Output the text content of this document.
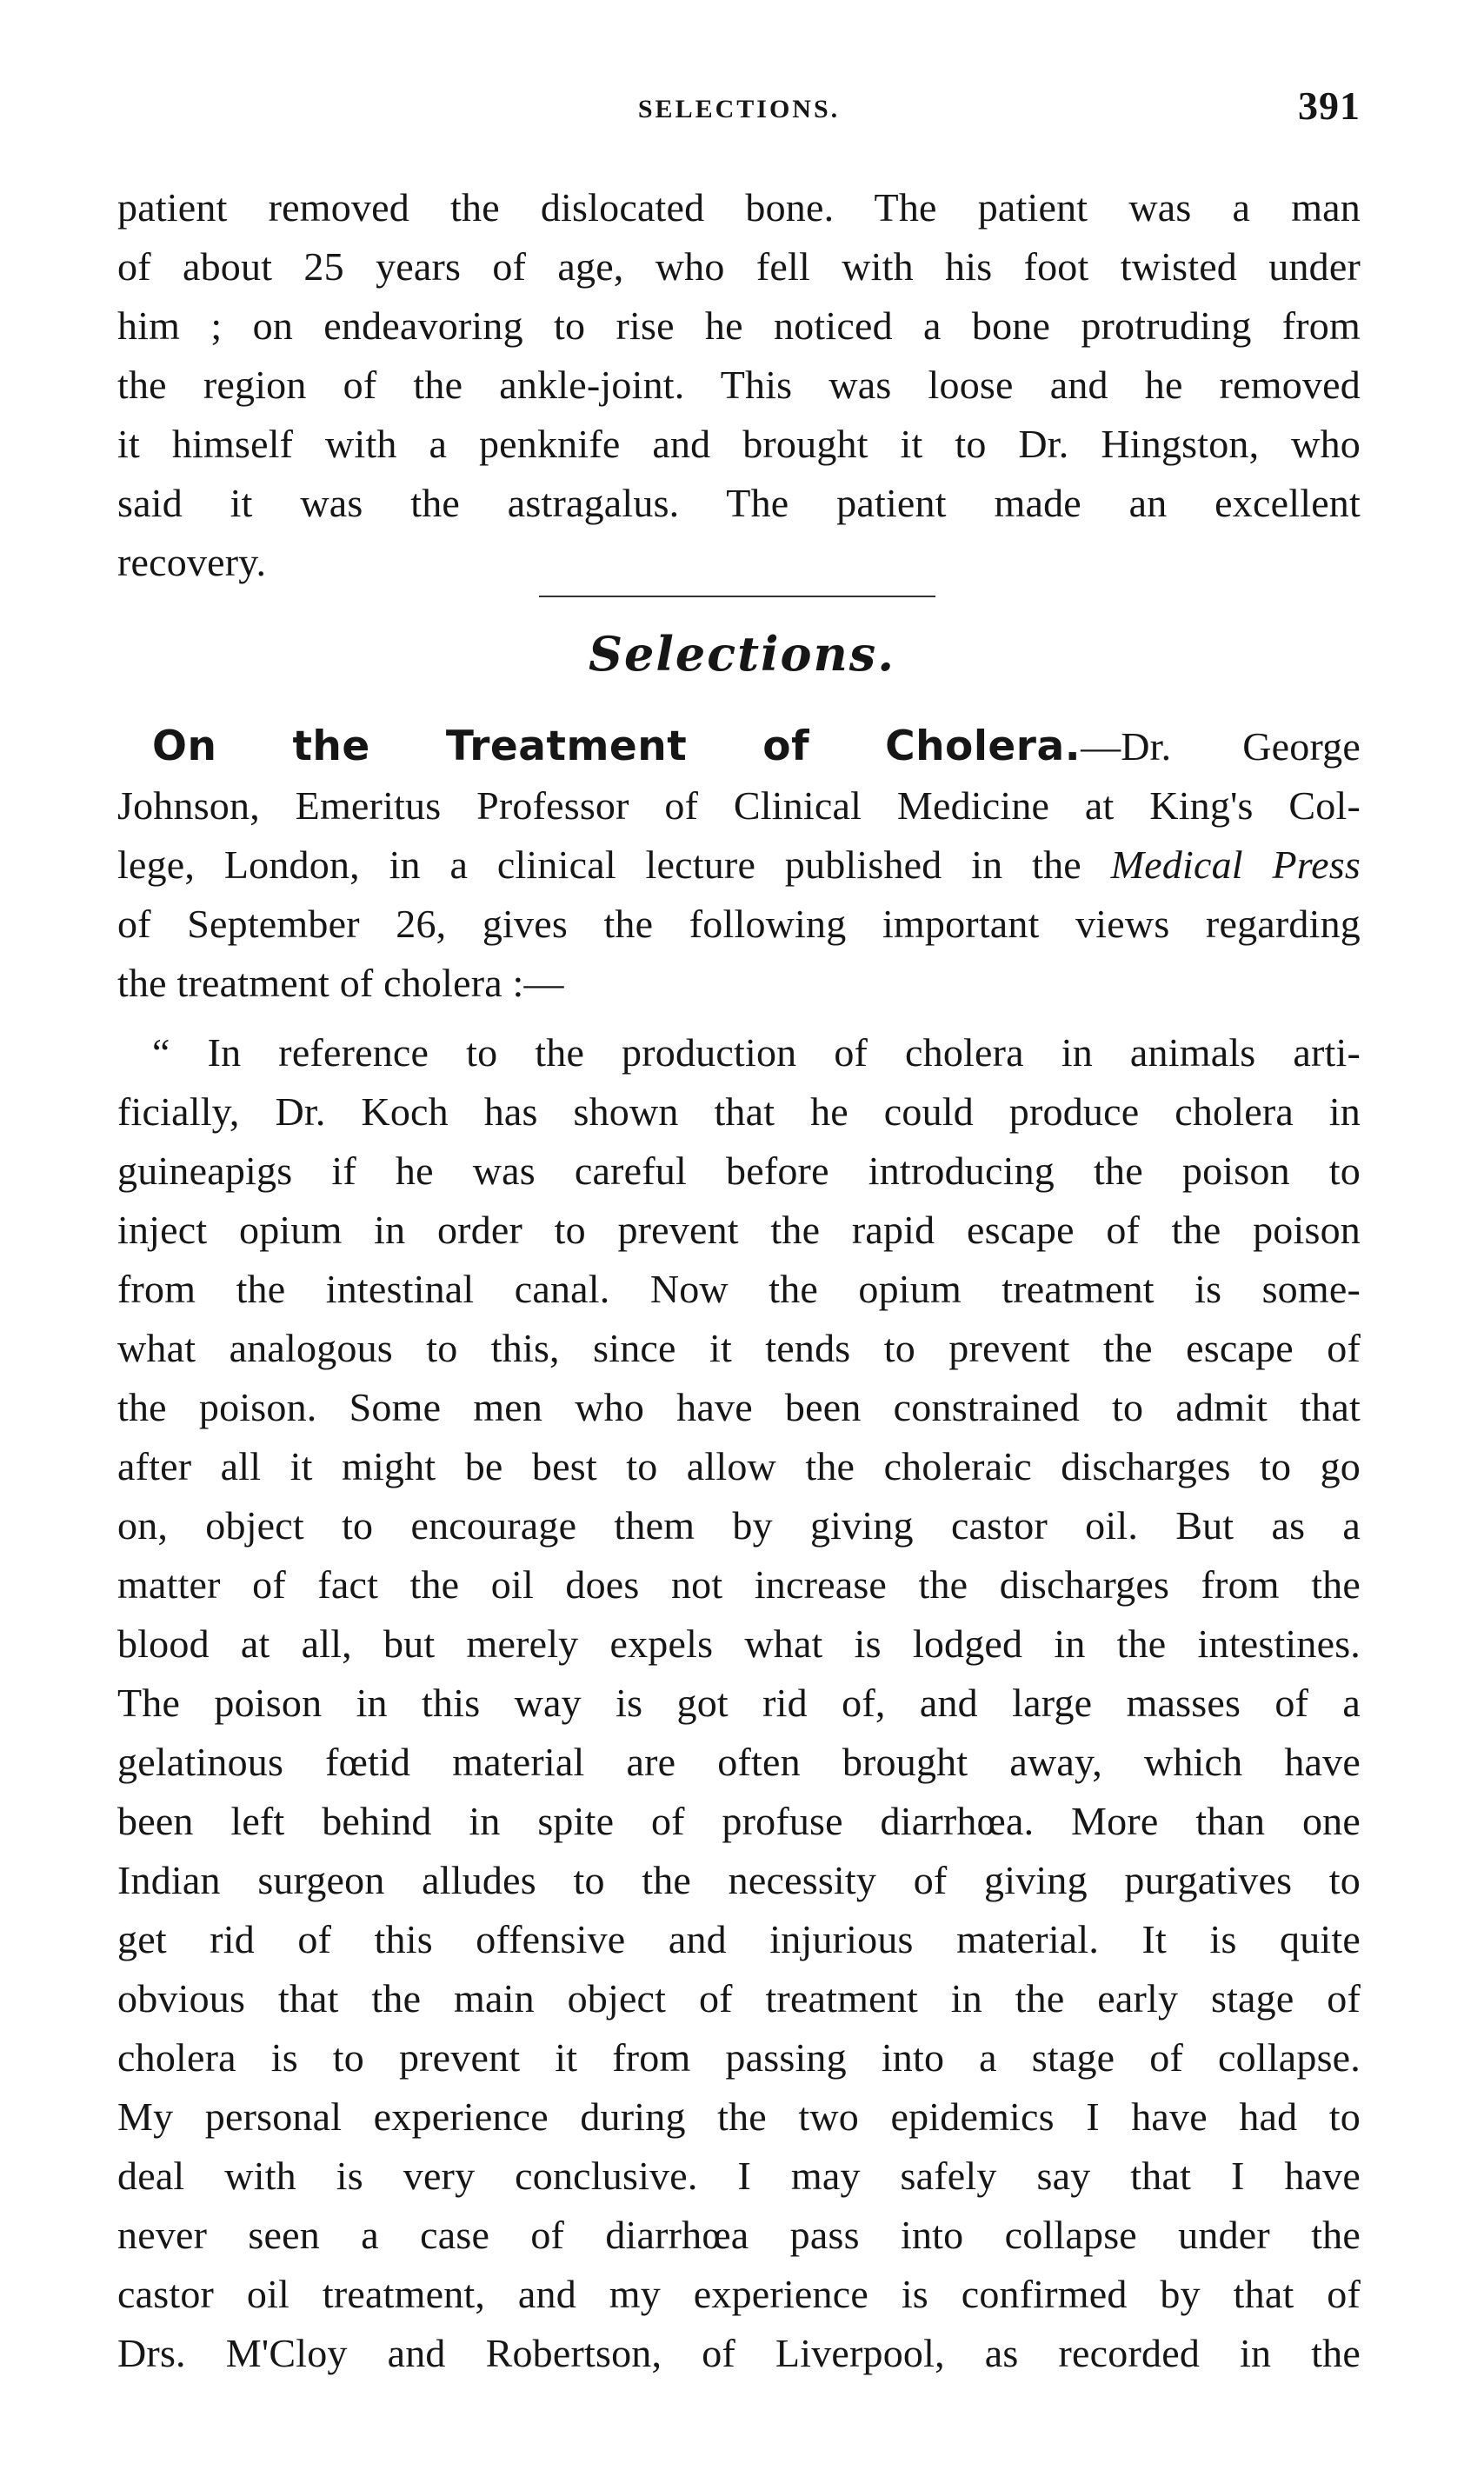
SELECTIONS.	391
patient removed the dislocated bone. The patient was a man
of about 25 years of age, who fell with his foot twisted under
him ; on endeavoring to rise he noticed a bone protruding from
the region of the ankle-joint. This was loose and he removed
it himself with a penknife and brought it to Dr. Hingston, who
said it was the astragalus. The patient made an excellent
recovery.
Selections.
On the Treatment of Cholera.—Dr. George
Johnson, Emeritus Professor of Clinical Medicine at King's Col-
lege, London, in a clinical lecture published in the Medical Press
of September 26, gives the following important views regarding
the treatment of cholera :—
“ In reference to the production of cholera in animals arti-
ficially, Dr. Koch has shown that he could produce cholera in
guineapigs if he was careful before introducing the poison to
inject opium in order to prevent the rapid escape of the poison
from the intestinal canal. Now the opium treatment is some-
what analogous to this, since it tends to prevent the escape of
the poison. Some men who have been constrained to admit that
after all it might be best to allow the choleraic discharges to go
on, object to encourage them by giving castor oil. But as a
matter of fact the oil does not increase the discharges from the
blood at all, but merely expels what is lodged in the intestines.
The poison in this way is got rid of, and large masses of a
gelatinous fœtid material are often brought away, which have
been left behind in spite of profuse diarrhœa. More than one
Indian surgeon alludes to the necessity of giving purgatives to
get rid of this offensive and injurious material. It is quite
obvious that the main object of treatment in the early stage of
cholera is to prevent it from passing into a stage of collapse.
My personal experience during the two epidemics I have had to
deal with is very conclusive. I may safely say that I have
never seen a case of diarrhœa pass into collapse under the
castor oil treatment, and my experience is confirmed by that of
Drs. M'Cloy and Robertson, of Liverpool, as recorded in the
